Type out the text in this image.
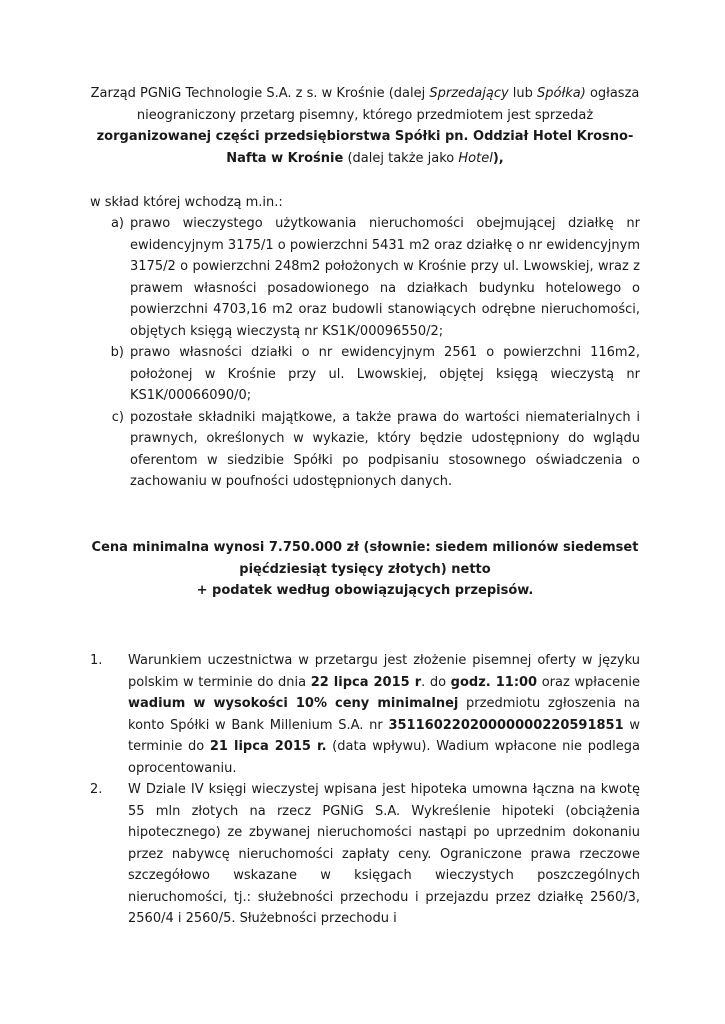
Zarząd PGNiG Technologie S.A. z s. w Krośnie (dalej Sprzedający lub Spółka) ogłasza nieograniczony przetarg pisemny, którego przedmiotem jest sprzedaż zorganizowanej części przedsiębiorstwa Spółki pn. Oddział Hotel Krosno-Nafta w Krośnie (dalej także jako Hotel),

w skład której wchodzą m.in.:
a) prawo wieczystego użytkowania nieruchomości obejmującej działkę nr ewidencyjnym 3175/1 o powierzchni 5431 m2 oraz działkę o nr ewidencyjnym 3175/2 o powierzchni 248m2 położonych w Krośnie przy ul. Lwowskiej, wraz z prawem własności posadowionego na działkach budynku hotelowego o powierzchni 4703,16 m2 oraz budowli stanowiących odrębne nieruchomości, objętych księgą wieczystą nr KS1K/00096550/2;
b) prawo własności działki o nr ewidencyjnym 2561 o powierzchni 116m2, położonej w Krośnie przy ul. Lwowskiej, objętej księgą wieczystą nr KS1K/00066090/0;
c) pozostałe składniki majątkowe, a także prawa do wartości niematerialnych i prawnych, określonych w wykazie, który będzie udostępniony do wglądu oferentom w siedzibie Spółki po podpisaniu stosownego oświadczenia o zachowaniu w poufności udostępnionych danych.
Cena minimalna wynosi 7.750.000 zł (słownie: siedem milionów siedemset
pięćdziesiąt tysięcy złotych) netto
+ podatek według obowiązujących przepisów.
1.	Warunkiem uczestnictwa w przetargu jest złożenie pisemnej oferty w języku polskim w terminie do dnia 22 lipca 2015 r. do godz. 11:00 oraz wpłacenie wadium w wysokości 10% ceny minimalnej przedmiotu zgłoszenia na konto Spółki w Bank Millenium S.A. nr 35116022020000000220591851 w terminie do 21 lipca 2015 r. (data wpływu). Wadium wpłacone nie podlega oprocentowaniu.
2.	W Dziale IV księgi wieczystej wpisana jest hipoteka umowna łączna na kwotę 55 mln złotych na rzecz PGNiG S.A. Wykreślenie hipoteki (obciążenia hipotecznego) ze zbywanej nieruchomości nastąpi po uprzednim dokonaniu przez nabywcę nieruchomości zapłaty ceny. Ograniczone prawa rzeczowe szczegółowo wskazane w księgach wieczystych poszczególnych nieruchomości, tj.: służebności przechodu i przejazdu przez działkę 2560/3, 2560/4 i 2560/5. Służebności przechodu i
